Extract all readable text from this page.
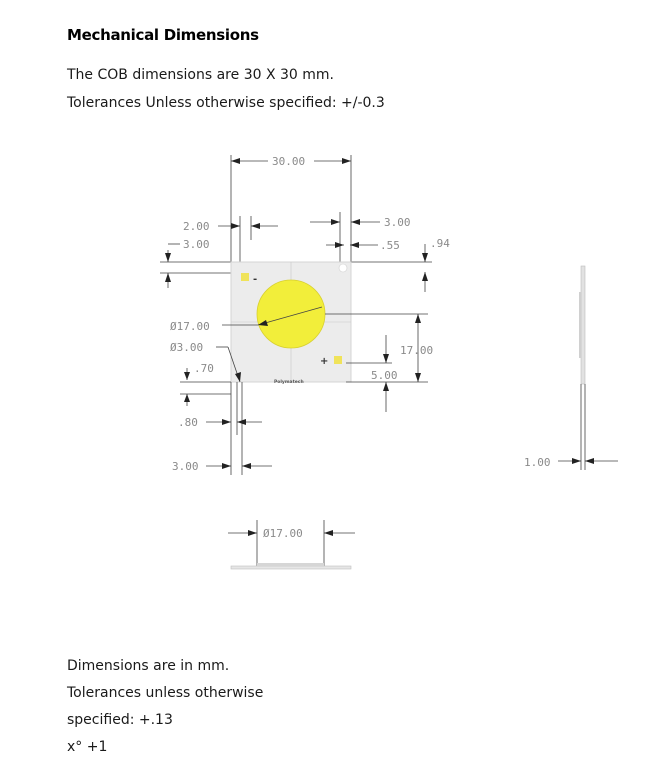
Mechanical Dimensions
The COB dimensions are 30 X 30 mm.
Tolerances Unless otherwise specified: +/-0.3
30.00
2.00
3.00
3.00
.55	.94
-
+
Polymatech
Ø17.00
Ø3.00
.70
.80
3.00
17.00
5.00
1.00
Ø17.00
Dimensions are in mm.
Tolerances unless otherwise
specified: +.13
x° +1
